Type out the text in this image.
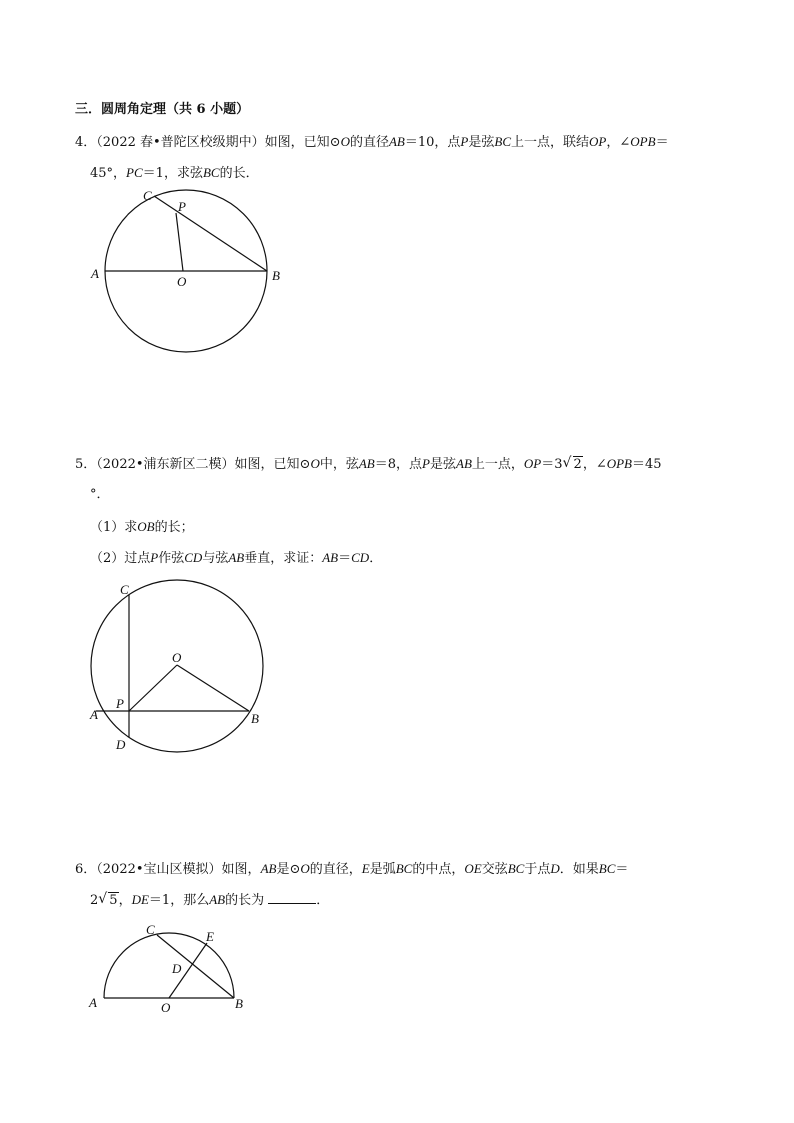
三．圆周角定理（共 6 小题）
4．（2022 春•普陀区校级期中）如图，已知⊙O的直径AB＝10，点P是弦BC上一点，联结OP，∠OPB＝
45°，PC＝1，求弦BC的长．
C
P
A
O	B
5．（2022•浦东新区二模）如图，已知⊙O中，弦AB＝8，点P是弦AB上一点，OP＝3 √ 2，∠OPB＝45
°．
（1）求OB的长；
（2）过点P作弦CD与弦AB垂直，求证：AB＝CD．
C
O
P
A	B
D
6．（2022•宝山区模拟）如图，AB是⊙O的直径，E是弧BC的中点，OE交弦BC于点D．如果BC＝
2 √ 5，DE＝1，那么AB的长为	．
C	E
D
A	O	B
